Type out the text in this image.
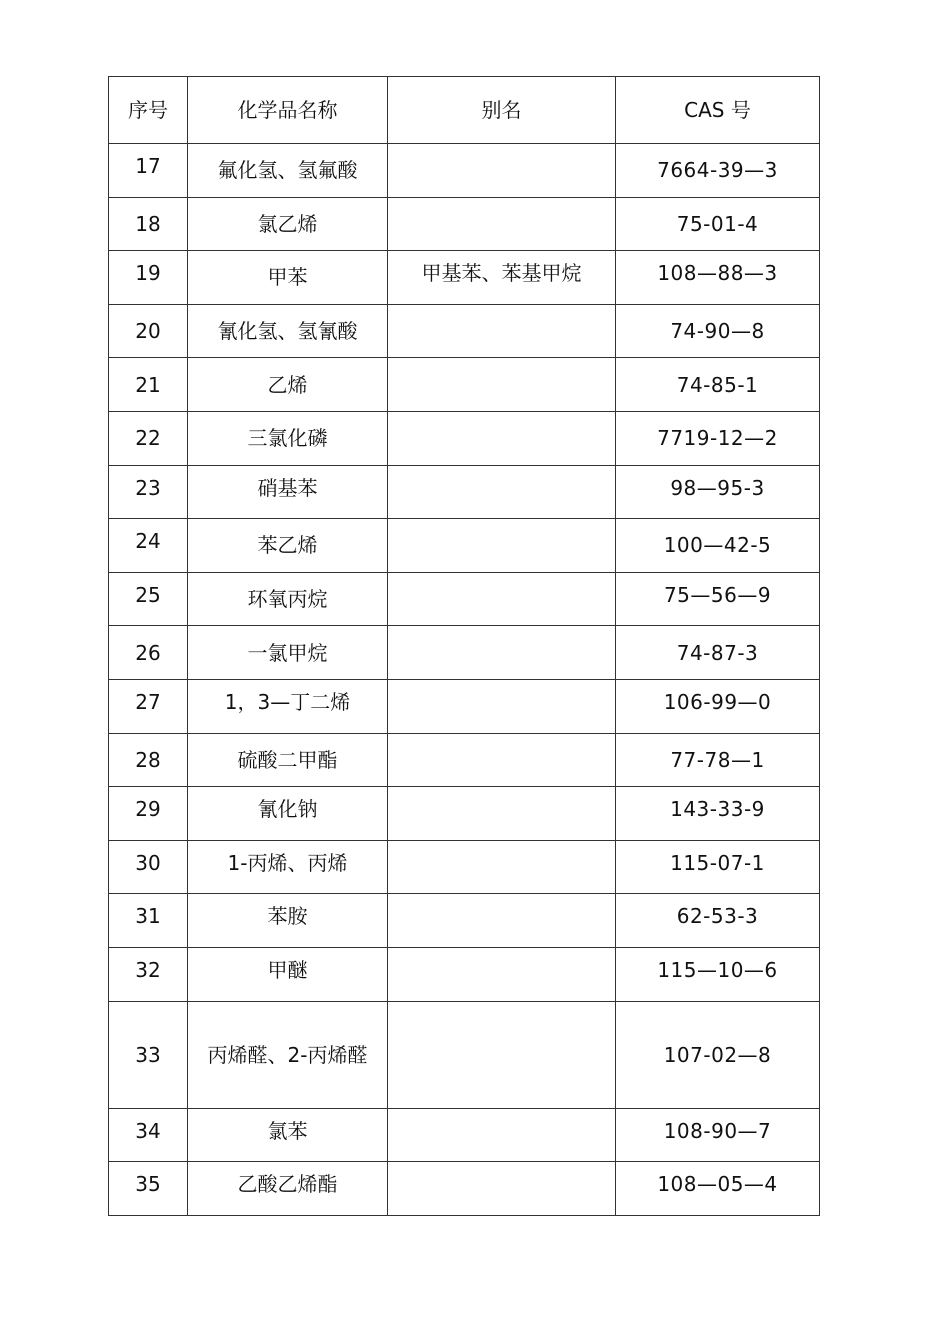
序号	化学品名称	别名	CAS 号
17	氟化氢、氢氟酸		7664-39—3
18	氯乙烯		75-01-4
19	甲苯	甲基苯、苯基甲烷	108—88—3
20	氰化氢、氢氰酸		74-90—8
21	乙烯		74-85-1
22	三氯化磷		7719-12—2
23	硝基苯		98—95-3
24	苯乙烯		100—42-5
25	环氧丙烷		75—56—9
26	一氯甲烷		74-87-3
27	1，3—丁二烯		106-99—0
28	硫酸二甲酯		77-78—1
29	氰化钠		143-33-9
30	1-丙烯、丙烯		115-07-1
31	苯胺		62-53-3
32	甲醚		115—10—6
33	丙烯醛、2-丙烯醛		107-02—8
34	氯苯		108-90—7
35	乙酸乙烯酯		108—05—4
